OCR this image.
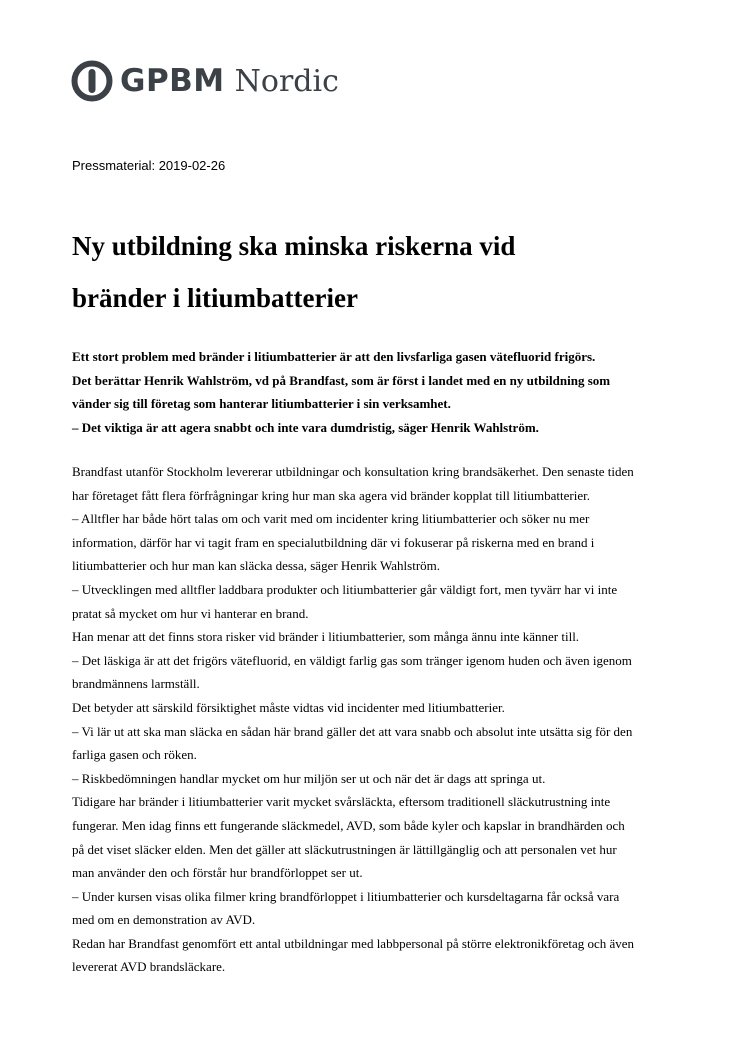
GPBM Nordic
Pressmaterial: 2019-02-26
Ny utbildning ska minska riskerna vid
bränder i litiumbatterier
Ett stort problem med bränder i litiumbatterier är att den livsfarliga gasen vätefluorid frigörs.
Det berättar Henrik Wahlström, vd på Brandfast, som är först i landet med en ny utbildning som
vänder sig till företag som hanterar litiumbatterier i sin verksamhet.
– Det viktiga är att agera snabbt och inte vara dumdristig, säger Henrik Wahlström.
Brandfast utanför Stockholm levererar utbildningar och konsultation kring brandsäkerhet. Den senaste tiden
har företaget fått flera förfrågningar kring hur man ska agera vid bränder kopplat till litiumbatterier.
– Alltfler har både hört talas om och varit med om incidenter kring litiumbatterier och söker nu mer
information, därför har vi tagit fram en specialutbildning där vi fokuserar på riskerna med en brand i
litiumbatterier och hur man kan släcka dessa, säger Henrik Wahlström.
– Utvecklingen med alltfler laddbara produkter och litiumbatterier går väldigt fort, men tyvärr har vi inte
pratat så mycket om hur vi hanterar en brand.
Han menar att det finns stora risker vid bränder i litiumbatterier, som många ännu inte känner till.
– Det läskiga är att det frigörs vätefluorid, en väldigt farlig gas som tränger igenom huden och även igenom
brandmännens larmställ.
Det betyder att särskild försiktighet måste vidtas vid incidenter med litiumbatterier.
– Vi lär ut att ska man släcka en sådan här brand gäller det att vara snabb och absolut inte utsätta sig för den
farliga gasen och röken.
– Riskbedömningen handlar mycket om hur miljön ser ut och när det är dags att springa ut.
Tidigare har bränder i litiumbatterier varit mycket svårsläckta, eftersom traditionell släckutrustning inte
fungerar. Men idag finns ett fungerande släckmedel, AVD, som både kyler och kapslar in brandhärden och
på det viset släcker elden. Men det gäller att släckutrustningen är lättillgänglig och att personalen vet hur
man använder den och förstår hur brandförloppet ser ut.
– Under kursen visas olika filmer kring brandförloppet i litiumbatterier och kursdeltagarna får också vara
med om en demonstration av AVD.
Redan har Brandfast genomfört ett antal utbildningar med labbpersonal på större elektronikföretag och även
levererat AVD brandsläckare.
